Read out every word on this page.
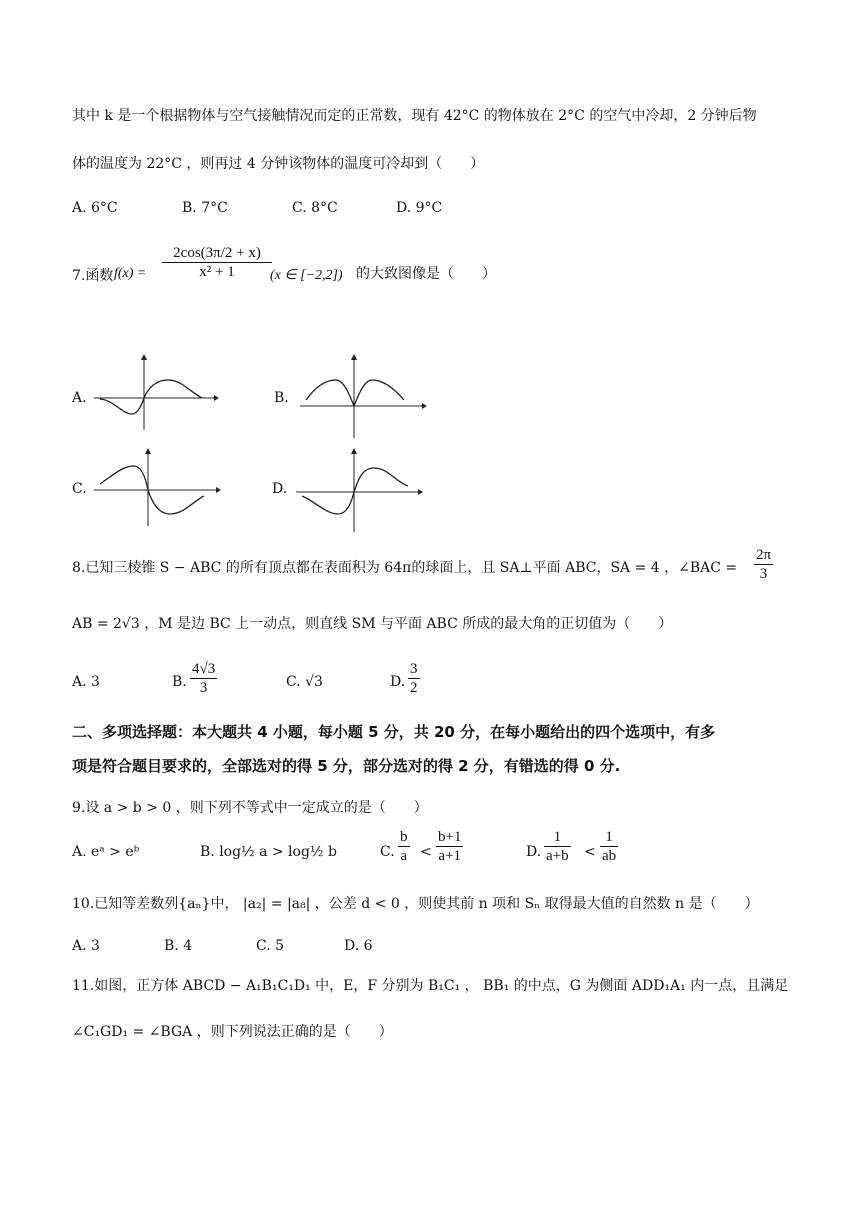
其中 k 是一个根据物体与空气接触情况而定的正常数，现有 42°C 的物体放在 2°C 的空气中冷却，2 分钟后物
体的温度为 22°C ，则再过 4 分钟该物体的温度可冷却到（　　）
A. 6°C	B. 7°C	C. 8°C	D. 9°C
7.函数 $f(x) = \frac{2\cos(3\pi/2 + x)}{\text{x² + 1}}$
(x ∈ [−2,2]) 的大致图像是（　　）
A.	B.
C.	D.
8.已知三棱锥 S − ABC 的所有顶点都在表面积为 64π的球面上，且 SA⊥平面 ABC，SA = 4 ，∠BAC = $\frac{2\pi}{3}$
AB = 2√3 ，M 是边 BC 上一动点，则直线 SM 与平面 ABC 所成的最大角的正切值为（　　）
A. 3	B. $\frac{4√3}{3}$	C. √3	D. $\frac{3}{2}$
二、多项选择题：本大题共 4 小题，每小题 5 分，共 20 分，在每小题给出的四个选项中，有多
项是符合题目要求的，全部选对的得 5 分，部分选对的得 2 分，有错选的得 0 分.
9.设 a > b > 0 ，则下列不等式中一定成立的是（　　）
A. eᵃ > eᵇ	B. log½ a > log½ b	C. $\frac{b}{a} < \frac{b+1}{a+1}$	D. $\frac{1}{a+b} < \frac{1}{ab}$
10.已知等差数列{aₙ}中， |a₂| = |a₈| ，公差 d < 0 ，则使其前 n 项和 Sₙ 取得最大值的自然数 n 是（　　）
A. 3	B. 4	C. 5	D. 6
11.如图，正方体 ABCD − A₁B₁C₁D₁ 中，E，F 分别为 B₁C₁ ， BB₁ 的中点，G 为侧面 ADD₁A₁ 内一点，且满足
∠C₁GD₁ = ∠BGA ，则下列说法正确的是（　　）
